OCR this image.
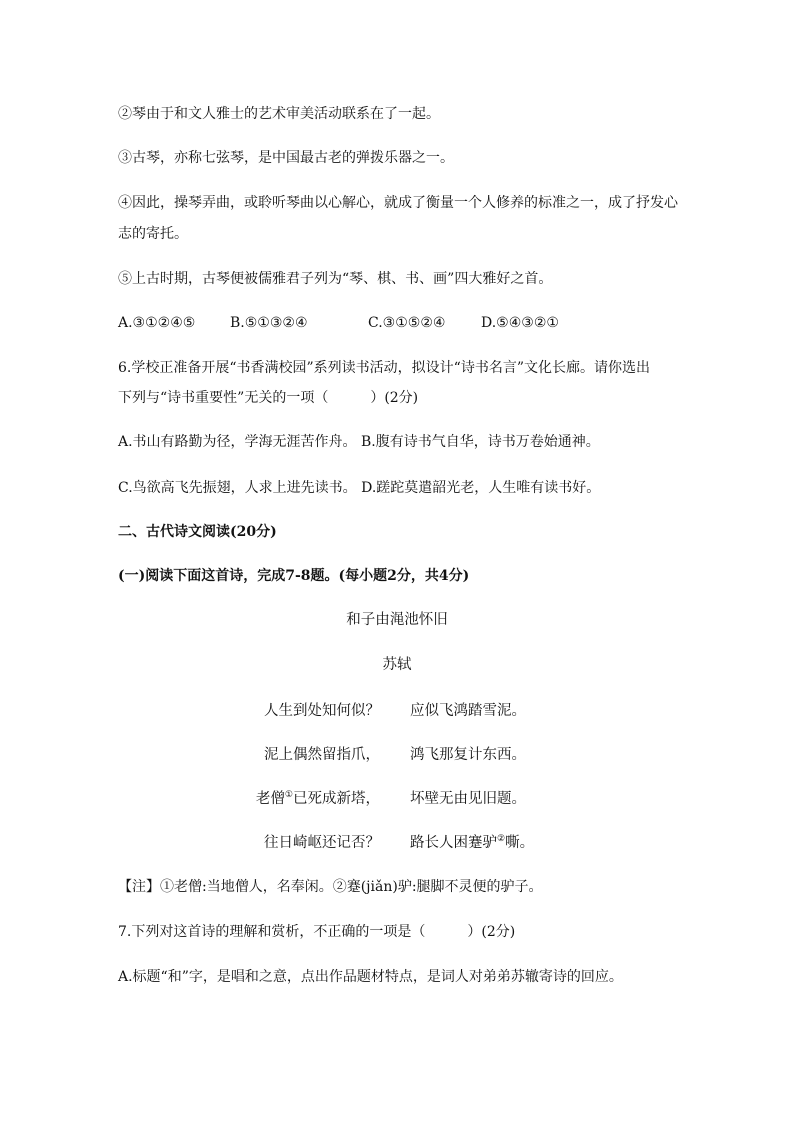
②琴由于和文人雅士的艺术审美活动联系在了一起。
③古琴，亦称七弦琴，是中国最古老的弹拨乐器之一。
④因此，操琴弄曲，或聆听琴曲以心解心，就成了衡量一个人修养的标准之一，成了抒发心
志的寄托。
⑤上古时期，古琴便被儒雅君子列为“琴、棋、书、画”四大雅好之首。
A.③①②④⑤ B.⑤①③②④	C.③①⑤②④	D.⑤④③②①
6.学校正准备开展“书香满校园”系列读书活动，拟设计“诗书名言”文化长廊。请你选出
下列与“诗书重要性”无关的一项（　　　）(2分)
A.书山有路勤为径，学海无涯苦作舟。 B.腹有诗书气自华，诗书万卷始通神。
C.鸟欲高飞先振翅，人求上进先读书。 D.蹉跎莫遣韶光老，人生唯有读书好。
二、古代诗文阅读(20分)
(一)阅读下面这首诗，完成7-8题。(每小题2分，共4分)
和子由渑池怀旧
苏轼
人生到处知何似？ 应似飞鸿踏雪泥。
泥上偶然留指爪， 鸿飞那复计东西。
老僧①已死成新塔， 坏壁无由见旧题。
往日崎岖还记否？ 路长人困蹇驴②嘶。
【注】①老僧:当地僧人，名奉闲。②蹇(jiǎn)驴:腿脚不灵便的驴子。
7.下列对这首诗的理解和赏析，不正确的一项是（　　　）(2分)
A.标题“和”字，是唱和之意，点出作品题材特点，是词人对弟弟苏辙寄诗的回应。
